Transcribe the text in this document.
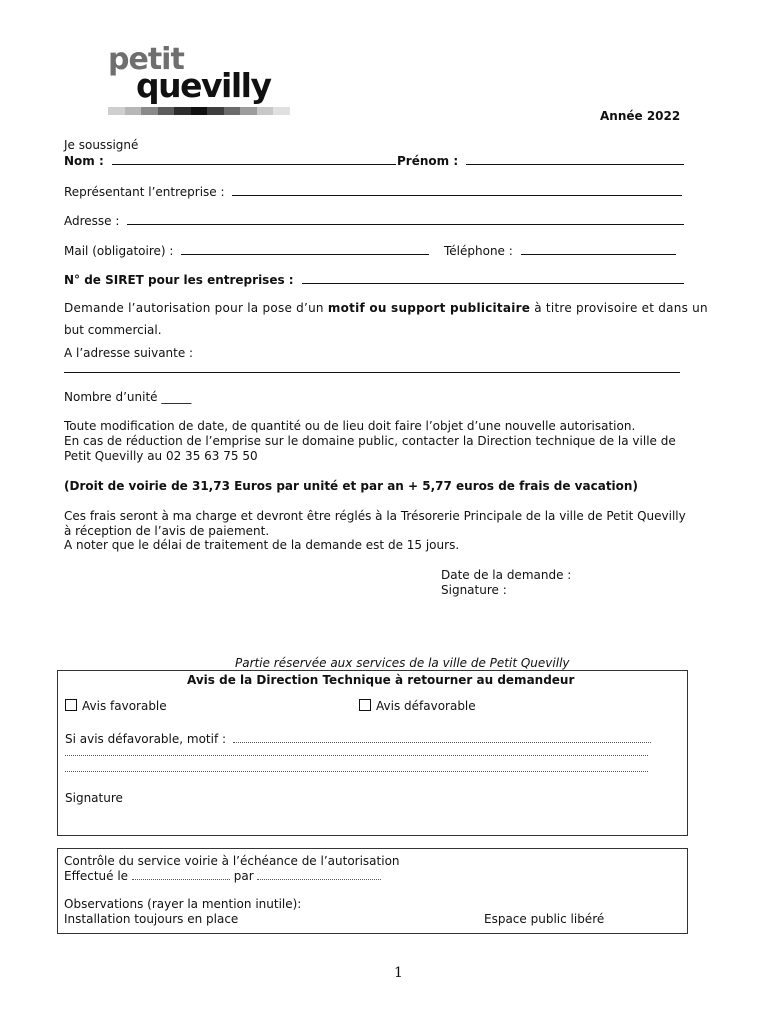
petit
quevilly
Année 2022
Je soussigné
Nom :	Prénom :
Représentant l’entreprise :
Adresse :
Mail (obligatoire) :	Téléphone :
N° de SIRET pour les entreprises :
Demande l’autorisation pour la pose d’un motif ou support publicitaire à titre provisoire et dans un
but commercial.
A l’adresse suivante :
Nombre d’unité _____
Toute modification de date, de quantité ou de lieu doit faire l’objet d’une nouvelle autorisation.
En cas de réduction de l’emprise sur le domaine public, contacter la Direction technique de la ville de
Petit Quevilly au 02 35 63 75 50
(Droit de voirie de 31,73 Euros par unité et par an + 5,77 euros de frais de vacation)
Ces frais seront à ma charge et devront être réglés à la Trésorerie Principale de la ville de Petit Quevilly
à réception de l’avis de paiement.
A noter que le délai de traitement de la demande est de 15 jours.
Date de la demande :
Signature :
Partie réservée aux services de la ville de Petit Quevilly
Avis de la Direction Technique à retourner au demandeur
Avis favorable	Avis défavorable
Si avis défavorable, motif :
Signature
Contrôle du service voirie à l’échéance de l’autorisation
Effectué le	par
Observations (rayer la mention inutile):
Installation toujours en place	Espace public libéré
1
